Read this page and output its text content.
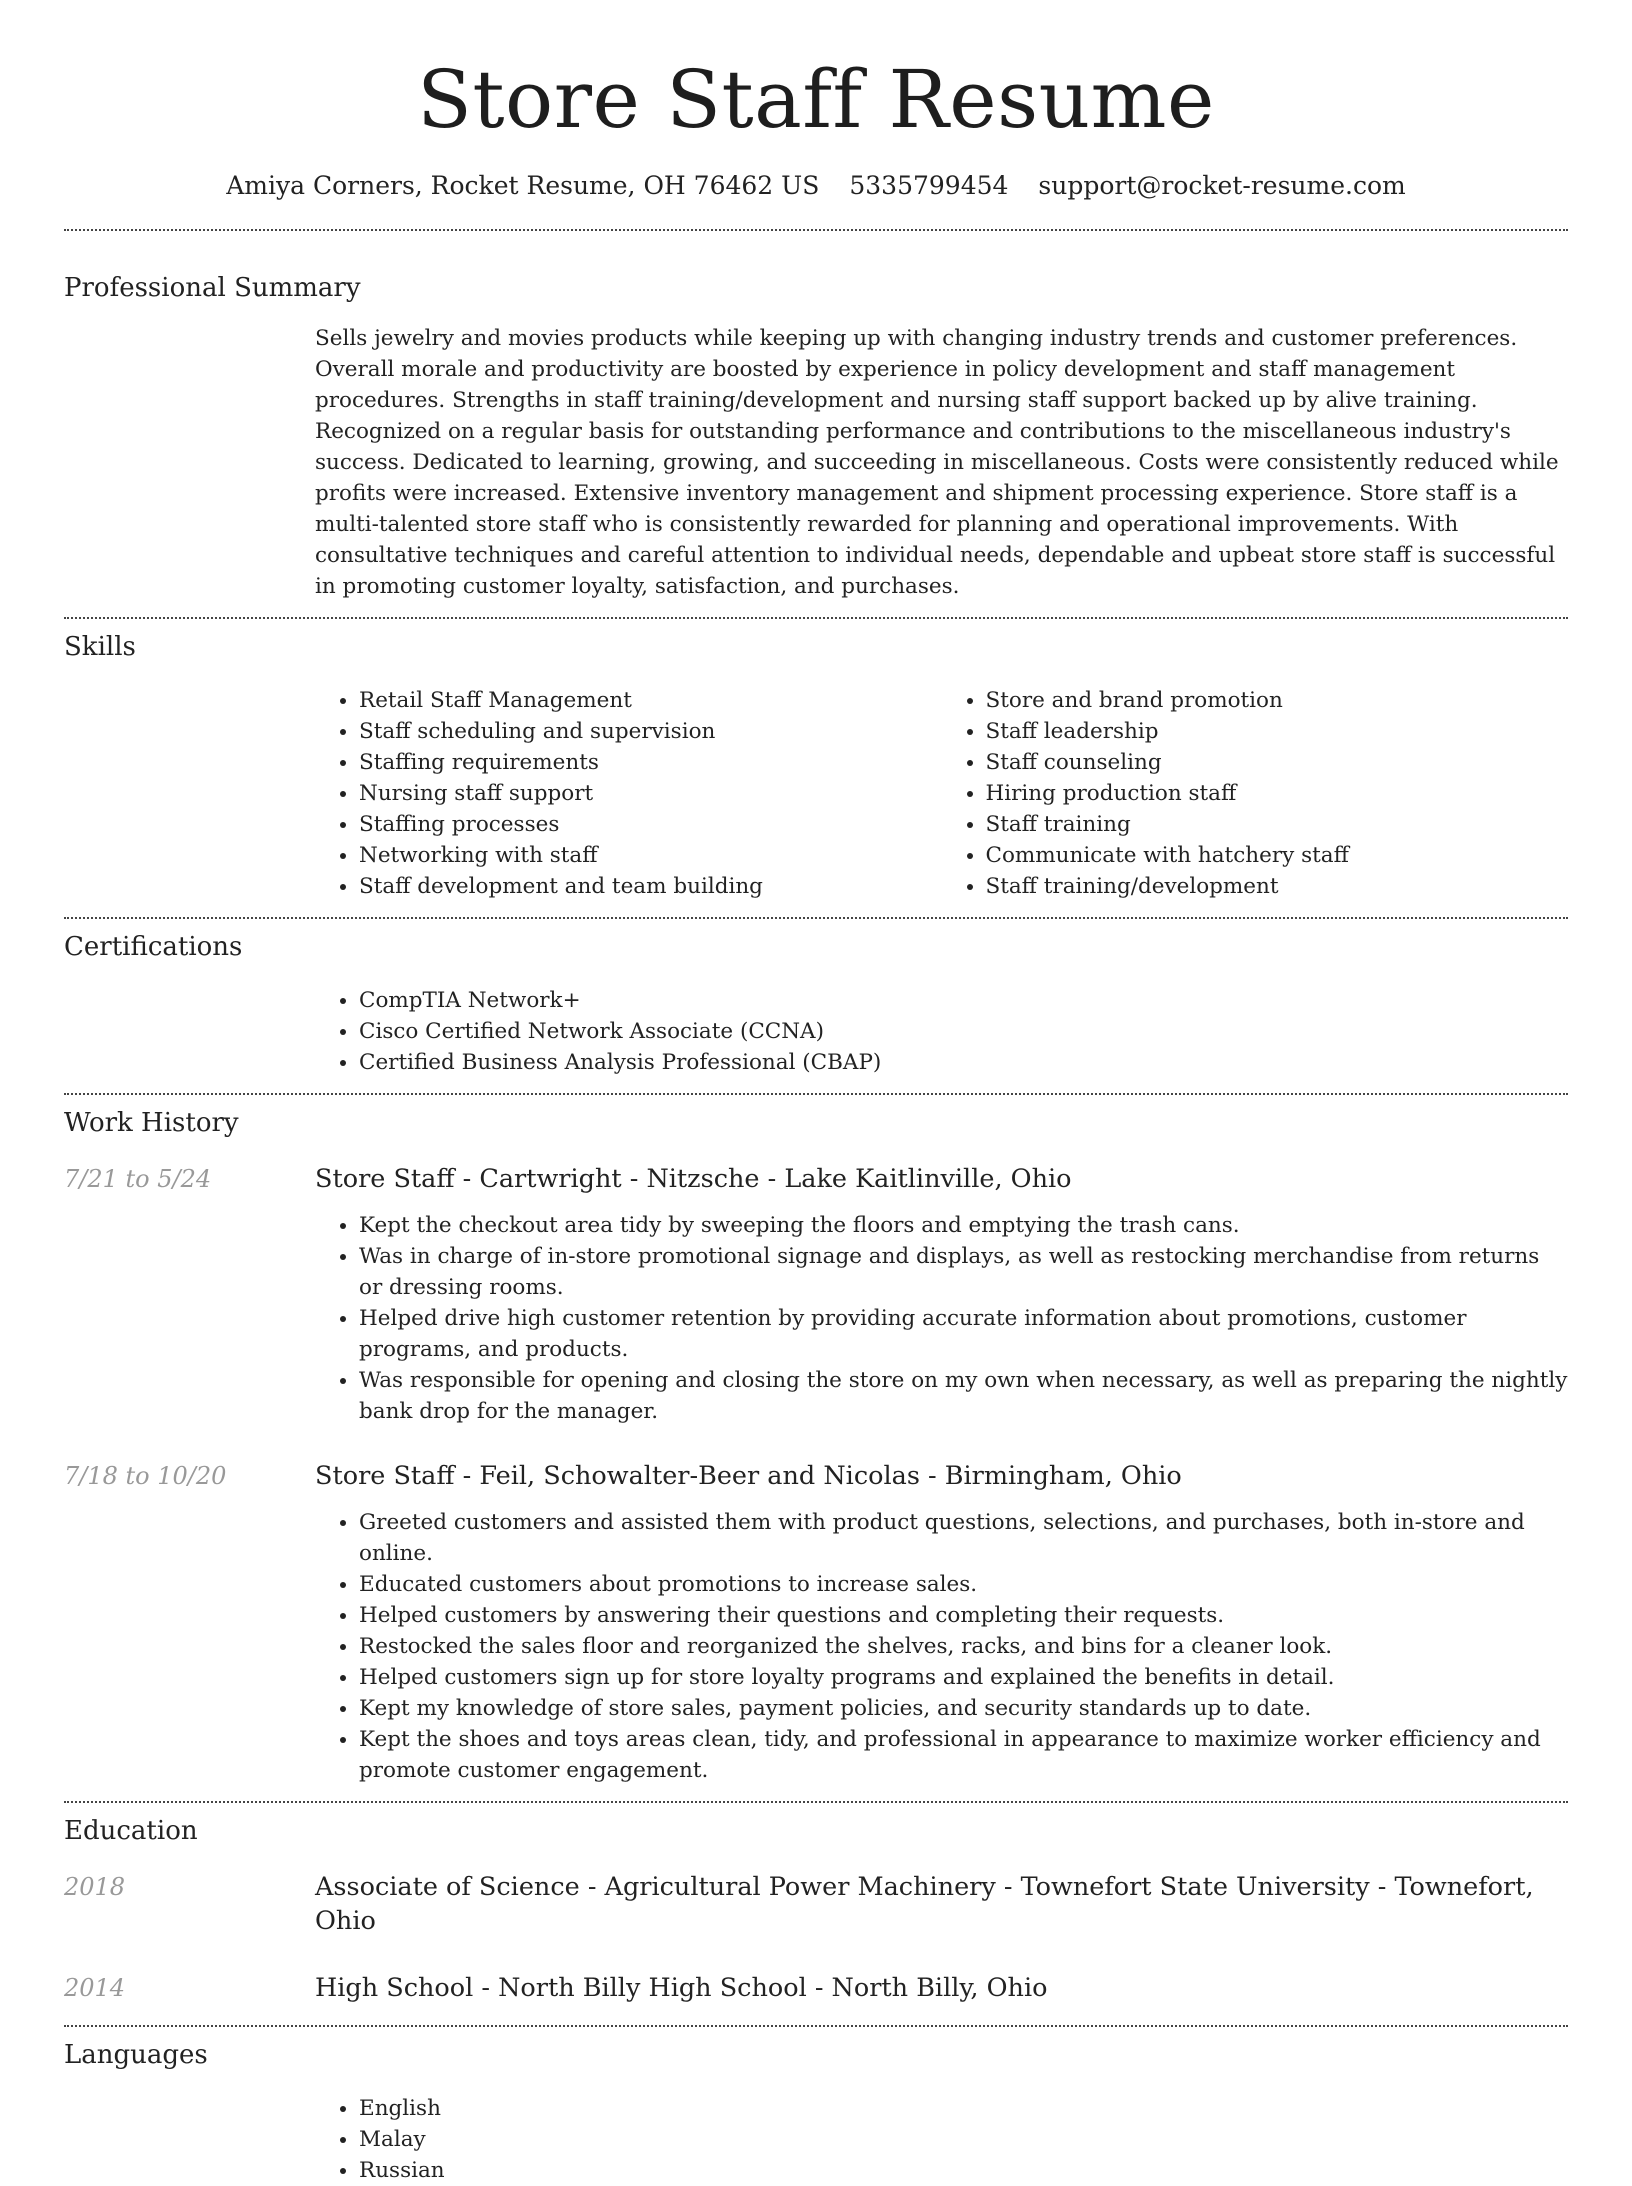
Store Staff Resume
Amiya Corners, Rocket Resume, OH 76462 US 5335799454 support@rocket-resume.com
Professional Summary
Sells jewelry and movies products while keeping up with changing industry trends and customer preferences. Overall morale and productivity are boosted by experience in policy development and staff management procedures. Strengths in staff training/development and nursing staff support backed up by alive training. Recognized on a regular basis for outstanding performance and contributions to the miscellaneous industry's success. Dedicated to learning, growing, and succeeding in miscellaneous. Costs were consistently reduced while profits were increased. Extensive inventory management and shipment processing experience. Store staff is a multi-talented store staff who is consistently rewarded for planning and operational improvements. With consultative techniques and careful attention to individual needs, dependable and upbeat store staff is successful in promoting customer loyalty, satisfaction, and purchases.
Skills
• Retail Staff Management
• Staff scheduling and supervision
• Staffing requirements
• Nursing staff support
• Staffing processes
• Networking with staff
• Staff development and team building
• Store and brand promotion
• Staff leadership
• Staff counseling
• Hiring production staff
• Staff training
• Communicate with hatchery staff
• Staff training/development
Certifications
• CompTIA Network+
• Cisco Certified Network Associate (CCNA)
• Certified Business Analysis Professional (CBAP)
Work History
7/21 to 5/24	Store Staff - Cartwright - Nitzsche - Lake Kaitlinville, Ohio
• Kept the checkout area tidy by sweeping the floors and emptying the trash cans.
• Was in charge of in-store promotional signage and displays, as well as restocking merchandise from returns or dressing rooms.
• Helped drive high customer retention by providing accurate information about promotions, customer programs, and products.
• Was responsible for opening and closing the store on my own when necessary, as well as preparing the nightly bank drop for the manager.
7/18 to 10/20	Store Staff - Feil, Schowalter-Beer and Nicolas - Birmingham, Ohio
• Greeted customers and assisted them with product questions, selections, and purchases, both in-store and online.
• Educated customers about promotions to increase sales.
• Helped customers by answering their questions and completing their requests.
• Restocked the sales floor and reorganized the shelves, racks, and bins for a cleaner look.
• Helped customers sign up for store loyalty programs and explained the benefits in detail.
• Kept my knowledge of store sales, payment policies, and security standards up to date.
• Kept the shoes and toys areas clean, tidy, and professional in appearance to maximize worker efficiency and promote customer engagement.
Education
2018	Associate of Science - Agricultural Power Machinery - Townefort State University - Townefort, Ohio
2014	High School - North Billy High School - North Billy, Ohio
Languages
• English
• Malay
• Russian
